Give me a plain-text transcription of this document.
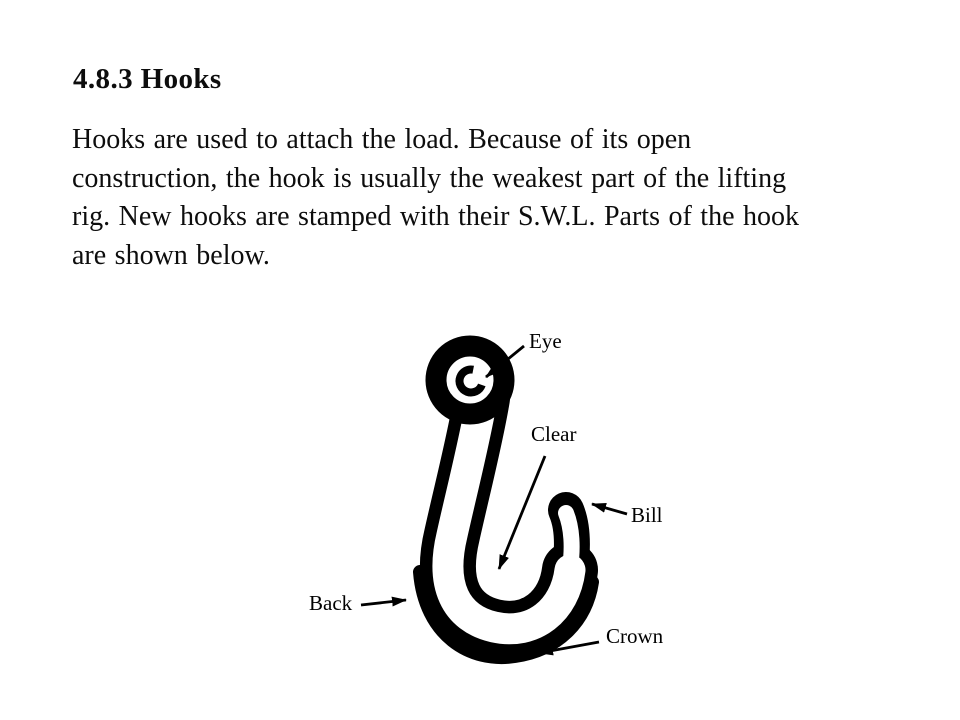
4.8.3 Hooks
Hooks are used to attach the load. Because of its open
construction, the hook is usually the weakest part of the lifting
rig. New hooks are stamped with their S.W.L. Parts of the hook
are shown below.
Eye
Clear
Bill
Back
Crown
